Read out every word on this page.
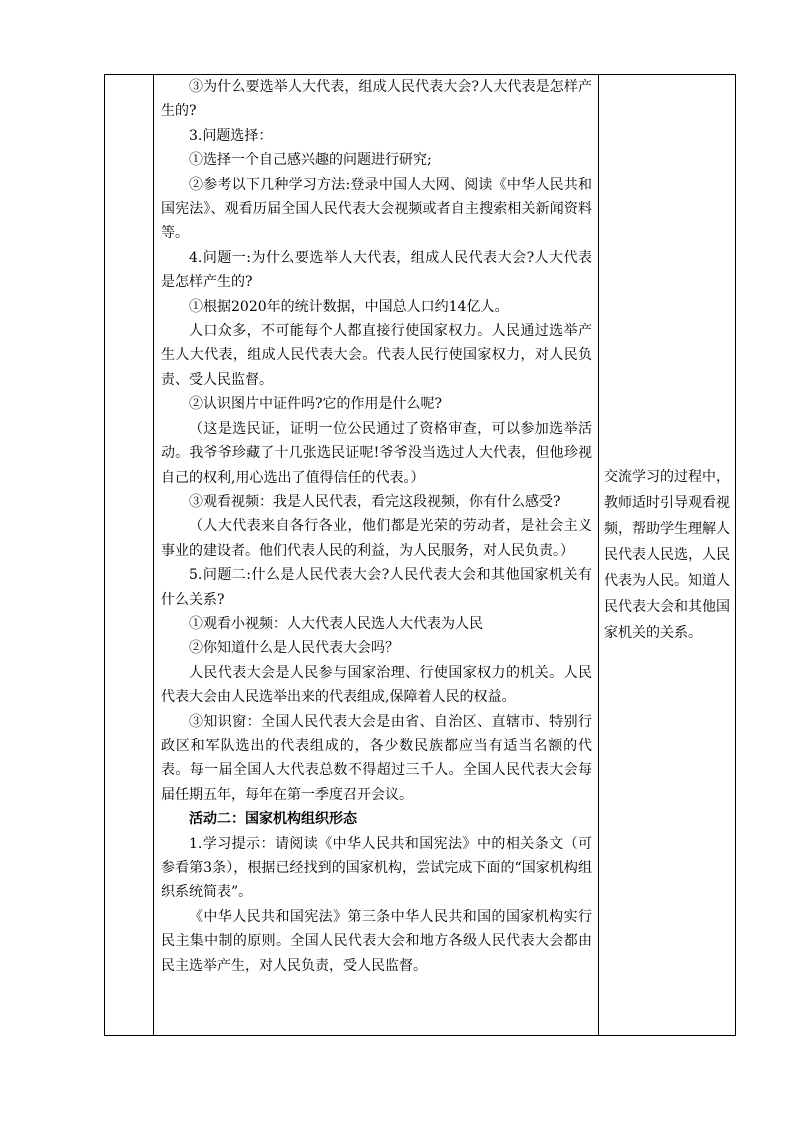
③为什么要选举人大代表，组成人民代表大会?人大代表是怎样产生的?

3.问题选择：

①选择一个自己感兴趣的问题进行研究;

②参考以下几种学习方法:登录中国人大网、阅读《中华人民共和国宪法》、观看历届全国人民代表大会视频或者自主搜索相关新闻资料等。

4.问题一:为什么要选举人大代表，组成人民代表大会?人大代表是怎样产生的?

①根据2020年的统计数据，中国总人口约14亿人。

人口众多，不可能每个人都直接行使国家权力。人民通过选举产生人大代表，组成人民代表大会。代表人民行使国家权力，对人民负责、受人民监督。

②认识图片中证件吗?它的作用是什么呢?

（这是选民证，证明一位公民通过了资格审查，可以参加选举活动。我爷爷珍藏了十几张选民证呢!爷爷没当选过人大代表，但他珍视自己的权利,用心选出了值得信任的代表。）

③观看视频：我是人民代表，看完这段视频，你有什么感受?

（人大代表来自各行各业，他们都是光荣的劳动者，是社会主义事业的建设者。他们代表人民的利益，为人民服务，对人民负责。）

5.问题二:什么是人民代表大会?人民代表大会和其他国家机关有什么关系?

①观看小视频：人大代表人民选人大代表为人民

②你知道什么是人民代表大会吗？

人民代表大会是人民参与国家治理、行使国家权力的机关。人民代表大会由人民选举出来的代表组成,保障着人民的权益。

③知识窗：全国人民代表大会是由省、自治区、直辖市、特别行政区和军队选出的代表组成的，各少数民族都应当有适当名额的代表。每一届全国人大代表总数不得超过三千人。全国人民代表大会每届任期五年，每年在第一季度召开会议。

活动二：国家机构组织形态

1.学习提示：请阅读《中华人民共和国宪法》中的相关条文（可参看第3条），根据已经找到的国家机构，尝试完成下面的“国家机构组织系统简表”。

《中华人民共和国宪法》第三条中华人民共和国的国家机构实行民主集中制的原则。全国人民代表大会和地方各级人民代表大会都由民主选举产生，对人民负责，受人民监督。

交流学习的过程中，教师适时引导观看视频，帮助学生理解人民代表人民选，人民代表为人民。知道人民代表大会和其他国家机关的关系。
